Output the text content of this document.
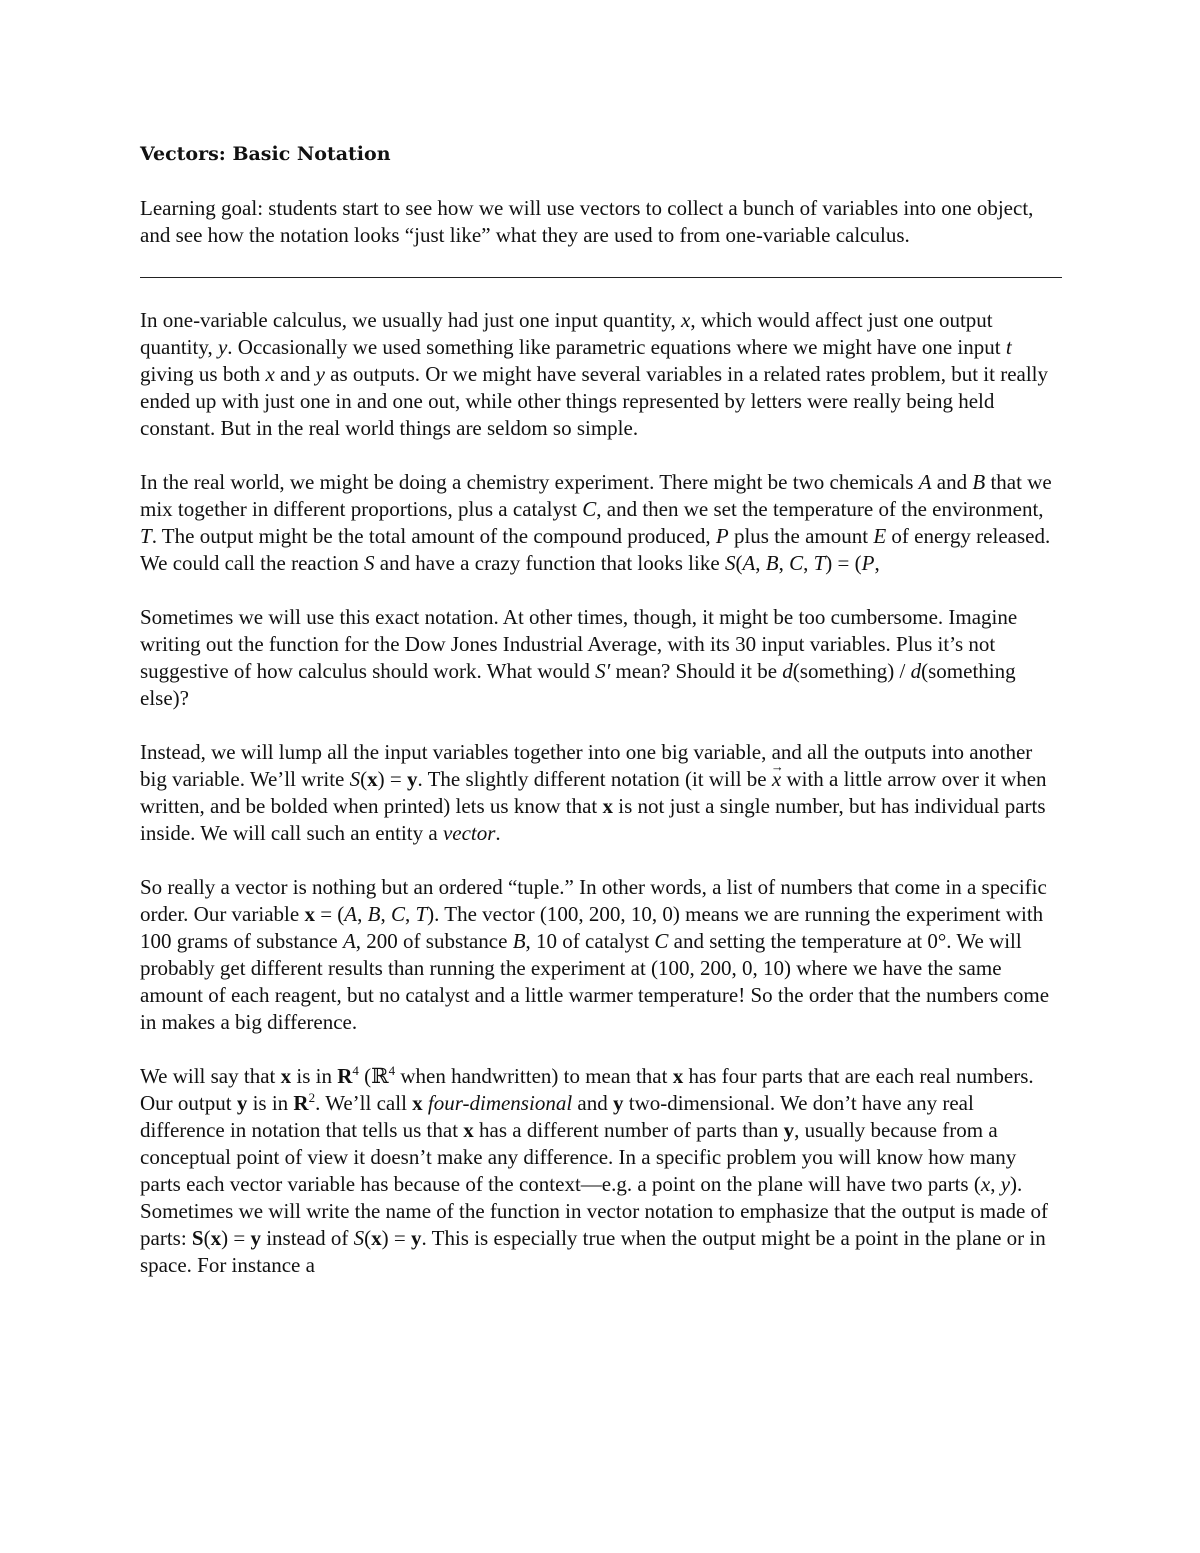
Vectors: Basic Notation

Learning goal: students start to see how we will use vectors to collect a bunch of variables into one object, and see how the notation looks “just like” what they are used to from one-variable calculus.

In one-variable calculus, we usually had just one input quantity, x, which would affect just one output quantity, y. Occasionally we used something like parametric equations where we might have one input t giving us both x and y as outputs. Or we might have several variables in a related rates problem, but it really ended up with just one in and one out, while other things represented by letters were really being held constant. But in the real world things are seldom so simple.

In the real world, we might be doing a chemistry experiment. There might be two chemicals A and B that we mix together in different proportions, plus a catalyst C, and then we set the temperature of the environment, T. The output might be the total amount of the compound produced, P plus the amount E of energy released. We could call the reaction S and have a crazy function that looks like S(A, B, C, T) = (P,

Sometimes we will use this exact notation. At other times, though, it might be too cumbersome. Imagine writing out the function for the Dow Jones Industrial Average, with its 30 input variables. Plus it’s not suggestive of how calculus should work. What would S′ mean? Should it be d(something) / d(something else)?

Instead, we will lump all the input variables together into one big variable, and all the outputs into another big variable. We’ll write S(x) = y. The slightly different notation (it will be → x with a little arrow over it when written, and be bolded when printed) lets us know that x is not just a single number, but has individual parts inside. We will call such an entity a vector.

So really a vector is nothing but an ordered “tuple.” In other words, a list of numbers that come in a specific order. Our variable x = (A, B, C, T). The vector (100, 200, 10, 0) means we are running the experiment with 100 grams of substance A, 200 of substance B, 10 of catalyst C and setting the temperature at 0°. We will probably get different results than running the experiment at (100, 200, 0, 10) where we have the same amount of each reagent, but no catalyst and a little warmer temperature! So the order that the numbers come in makes a big difference.

We will say that x is in $R^4$ (ℝ$^4$ when handwritten) to mean that x has four parts that are each real numbers. Our output y is in $R^2$. We’ll call x four-dimensional and y two-dimensional. We don’t have any real difference in notation that tells us that x has a different number of parts than y, usually because from a conceptual point of view it doesn’t make any difference. In a specific problem you will know how many parts each vector variable has because of the context—e.g. a point on the plane will have two parts (x, y). Sometimes we will write the name of the function in vector notation to emphasize that the output is made of parts: S(x) = y instead of S(x) = y. This is especially true when the output might be a point in the plane or in space. For instance a
